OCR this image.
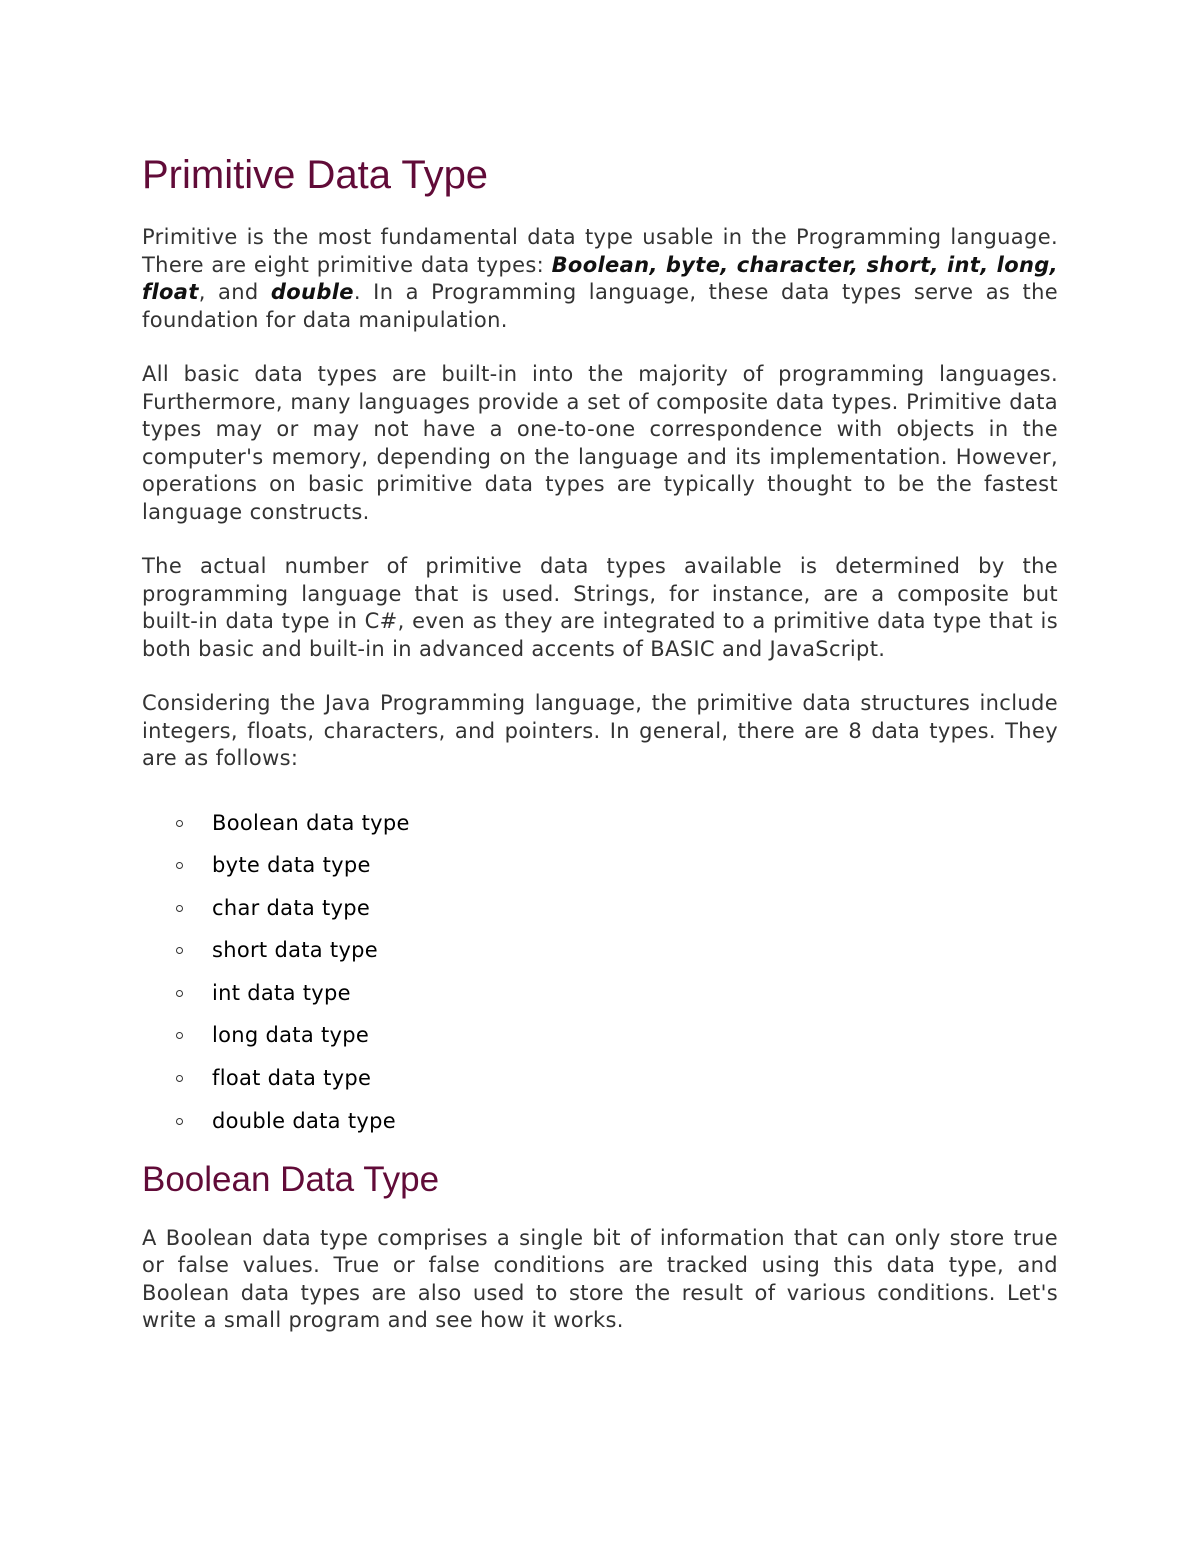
Primitive Data Type

Primitive is the most fundamental data type usable in the Programming language. There are eight primitive data types: Boolean, byte, character, short, int, long, float, and double. In a Programming language, these data types serve as the foundation for data manipulation.

All basic data types are built-in into the majority of programming languages. Furthermore, many languages provide a set of composite data types. Primitive data types may or may not have a one-to-one correspondence with objects in the computer's memory, depending on the language and its implementation. However, operations on basic primitive data types are typically thought to be the fastest language constructs.

The actual number of primitive data types available is determined by the programming language that is used. Strings, for instance, are a composite but built-in data type in C#, even as they are integrated to a primitive data type that is both basic and built-in in advanced accents of BASIC and JavaScript.

Considering the Java Programming language, the primitive data structures include integers, floats, characters, and pointers. In general, there are 8 data types. They are as follows:

Boolean data type
byte data type
char data type
short data type
int data type
long data type
float data type
double data type
Boolean Data Type

A Boolean data type comprises a single bit of information that can only store true or false values. True or false conditions are tracked using this data type, and Boolean data types are also used to store the result of various conditions. Let's write a small program and see how it works.
